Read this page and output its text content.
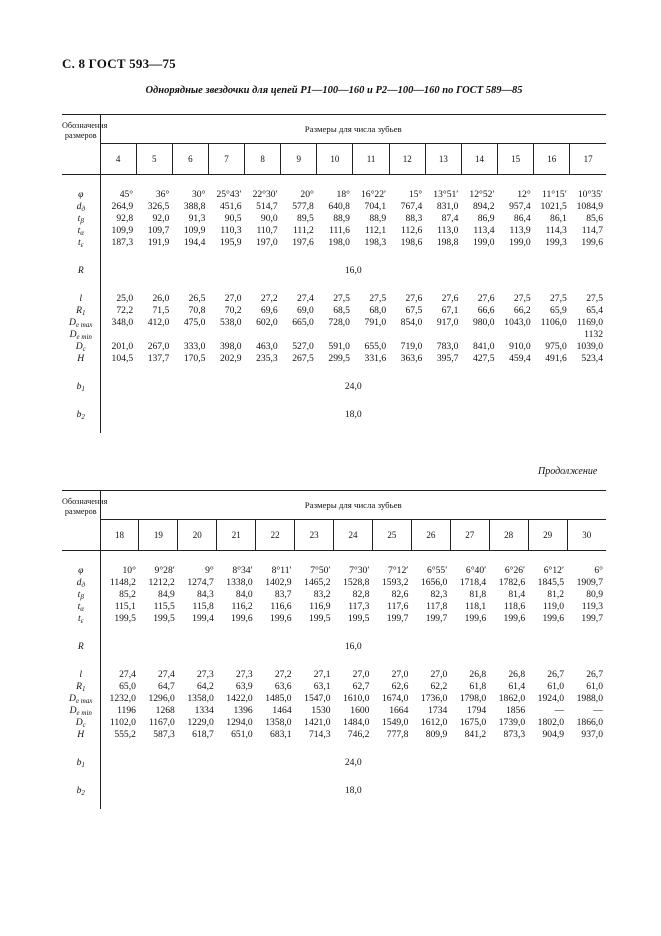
С. 8 ГОСТ 593—75
Однорядные звездочки для цепей Р1—100—160 и Р2—100—160 по ГОСТ 589—85
Продолжение
Обозначения размеров	Размеры для числа зубьев													
	4	5	6	7	8	9	10	11	12	13	14	15	16	17

φ	45°	36°	30°	25°43′	22°30′	20°	18°	16°22′	15°	13°51′	12°52′	12°	11°15′	10°35′
$d_д$	264,9	326,5	388,8	451,6	514,7	577,8	640,8	704,1	767,4	831,0	894,2	957,4	1021,5	1084,9
$t_\beta$	92,8	92,0	91,3	90,5	90,0	89,5	88,9	88,9	88,3	87,4	86,9	86,4	86,1	85,6
$t_\alpha$	109,9	109,7	109,9	110,3	110,7	111,2	111,6	112,1	112,6	113,0	113,4	113,9	114,3	114,7
$t_\varepsilon$	187,3	191,9	194,4	195,9	197,0	197,6	198,0	198,3	198,6	198,8	199,0	199,0	199,3	199,6

R	16,0													

l	25,0	26,0	26,5	27,0	27,2	27,4	27,5	27,5	27,6	27,6	27,6	27,5	27,5	27,5
$R_1$	72,2	71,5	70,8	70,2	69,6	69,0	68,5	68,0	67,5	67,1	66,6	66,2	65,9	65,4
$D_{e max}$	348,0	412,0	475,0	538,0	602,0	665,0	728,0	791,0	854,0	917,0	980,0	1043,0	1106,0	1169,0
$D_{e min}$														1132
$D_c$	201,0	267,0	333,0	398,0	463,0	527,0	591,0	655,0	719,0	783,0	841,0	910,0	975,0	1039,0
H	104,5	137,7	170,5	202,9	235,3	267,5	299,5	331,6	363,6	395,7	427,5	459,4	491,6	523,4

$b_1$	24,0													

$b_2$	18,0													

Обозначения размеров	Размеры для числа зубьев												
	18	19	20	21	22	23	24	25	26	27	28	29	30

φ	10°	9°28′	9°	8°34′	8°11′	7°50′	7°30′	7°12′	6°55′	6°40′	6°26′	6°12′	6°
$d_д$	1148,2	1212,2	1274,7	1338,0	1402,9	1465,2	1528,8	1593,2	1656,0	1718,4	1782,6	1845,5	1909,7
$t_\beta$	85,2	84,9	84,3	84,0	83,7	83,2	82,8	82,6	82,3	81,8	81,4	81,2	80,9
$t_\alpha$	115,1	115,5	115,8	116,2	116,6	116,9	117,3	117,6	117,8	118,1	118,6	119,0	119,3
$t_\varepsilon$	199,5	199,5	199,4	199,6	199,6	199,5	199,5	199,7	199,7	199,6	199,6	199,6	199,7

R	16,0												

l	27,4	27,4	27,3	27,3	27,2	27,1	27,0	27,0	27,0	26,8	26,8	26,7	26,7
$R_1$	65,0	64,7	64,2	63,9	63,6	63,1	62,7	62,6	62,2	61,8	61,4	61,0	61,0
$D_{e max}$	1232,0	1296,0	1358,0	1422,0	1485,0	1547,0	1610,0	1674,0	1736,0	1798,0	1862,0	1924,0	1988,0
$D_{e min}$	1196	1268	1334	1396	1464	1530	1600	1664	1734	1794	1856	—	—
$D_c$	1102,0	1167,0	1229,0	1294,0	1358,0	1421,0	1484,0	1549,0	1612,0	1675,0	1739,0	1802,0	1866,0
H	555,2	587,3	618,7	651,0	683,1	714,3	746,2	777,8	809,9	841,2	873,3	904,9	937,0

$b_1$	24,0												

$b_2$	18,0												
